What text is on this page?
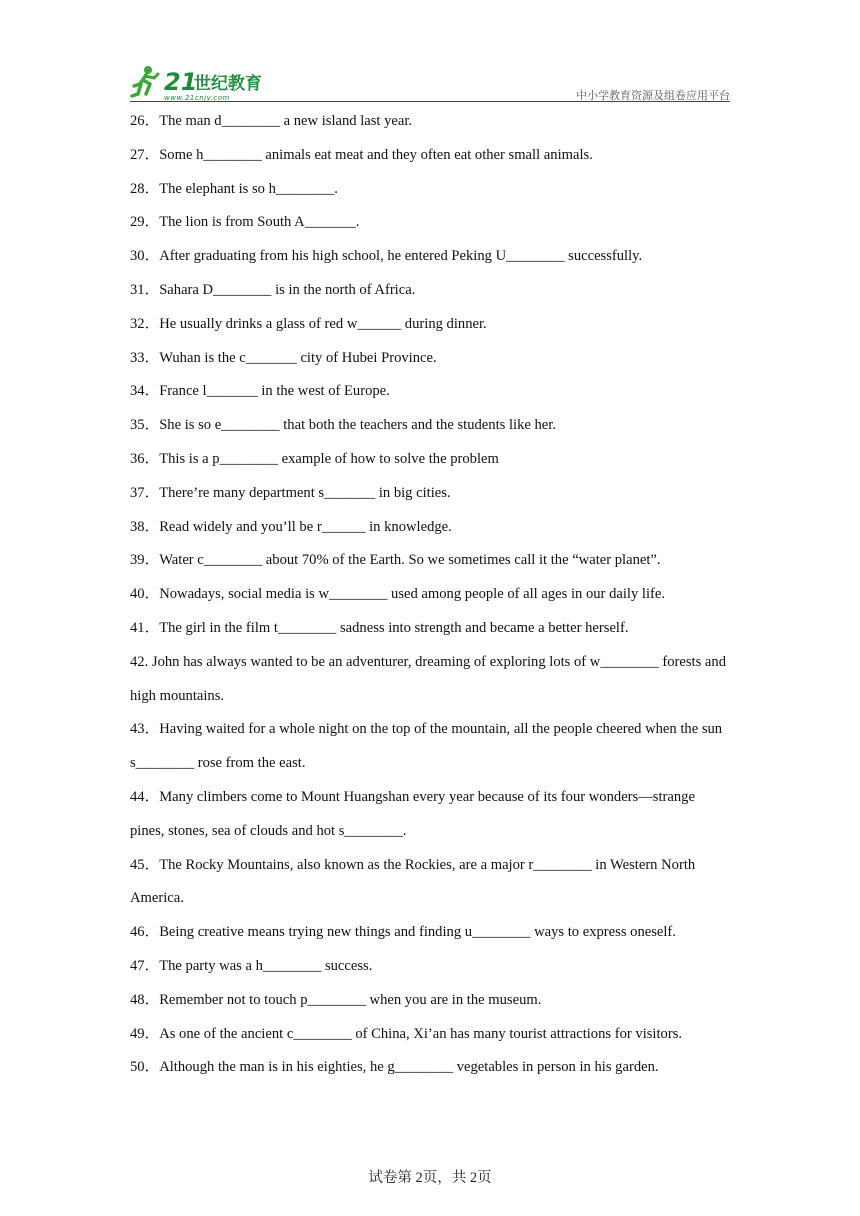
21
世纪教育
www.21cnjy.com	中小学教育资源及组卷应用平台

26．The man d________ a new island last year.

27．Some h________ animals eat meat and they often eat other small animals.

28．The elephant is so h________.

29．The lion is from South A_______.

30．After graduating from his high school, he entered Peking U________ successfully.

31．Sahara D________ is in the north of Africa.

32．He usually drinks a glass of red w______ during dinner.

33．Wuhan is the c_______ city of Hubei Province.

34．France l_______ in the west of Europe.

35．She is so e________ that both the teachers and the students like her.

36．This is a p________ example of how to solve the problem

37．There’re many department s_______ in big cities.

38．Read widely and you’ll be r______ in knowledge.

39．Water c________ about 70% of the Earth. So we sometimes call it the “water planet”.

40．Nowadays, social media is w________ used among people of all ages in our daily life.

41．The girl in the film t________ sadness into strength and became a better herself.

42. John has always wanted to be an adventurer, dreaming of exploring lots of w________ forests and high mountains.

43．Having waited for a whole night on the top of the mountain, all the people cheered when the sun s________ rose from the east.

44．Many climbers come to Mount Huangshan every year because of its four wonders—strange pines, stones, sea of clouds and hot s________.

45．The Rocky Mountains, also known as the Rockies, are a major r________ in Western North America.

46．Being creative means trying new things and finding u________ ways to express oneself.

47．The party was a h________ success.

48．Remember not to touch p________ when you are in the museum.

49．As one of the ancient c________ of China, Xi’an has many tourist attractions for visitors.

50．Although the man is in his eighties, he g________ vegetables in person in his garden.

试卷第 2页，共 2页
